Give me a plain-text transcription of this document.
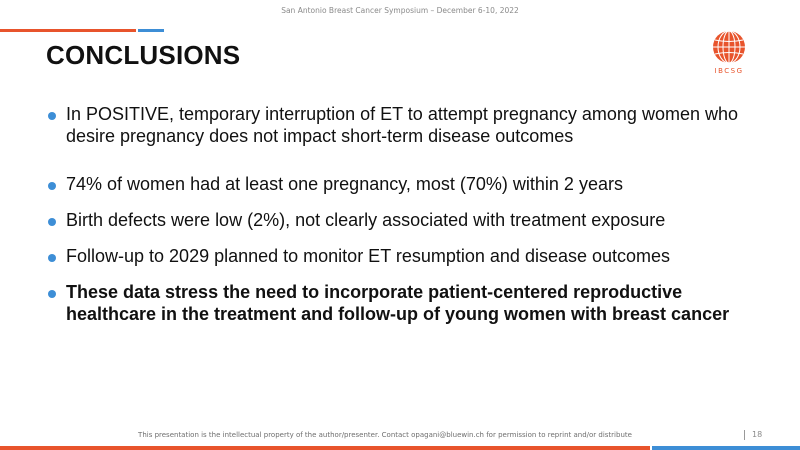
San Antonio Breast Cancer Symposium – December 6-10, 2022
CONCLUSIONS
IBCSG
In POSITIVE, temporary interruption of ET to attempt pregnancy among women who desire pregnancy does not impact short-term disease outcomes
74% of women had at least one pregnancy, most (70%) within 2 years
Birth defects were low (2%), not clearly associated with treatment exposure
Follow-up to 2029 planned to monitor ET resumption and disease outcomes
These data stress the need to incorporate patient-centered reproductive healthcare in the treatment and follow-up of young women with breast cancer
This presentation is the intellectual property of the author/presenter. Contact opagani@bluewin.ch for permission to reprint and/or distribute	18
